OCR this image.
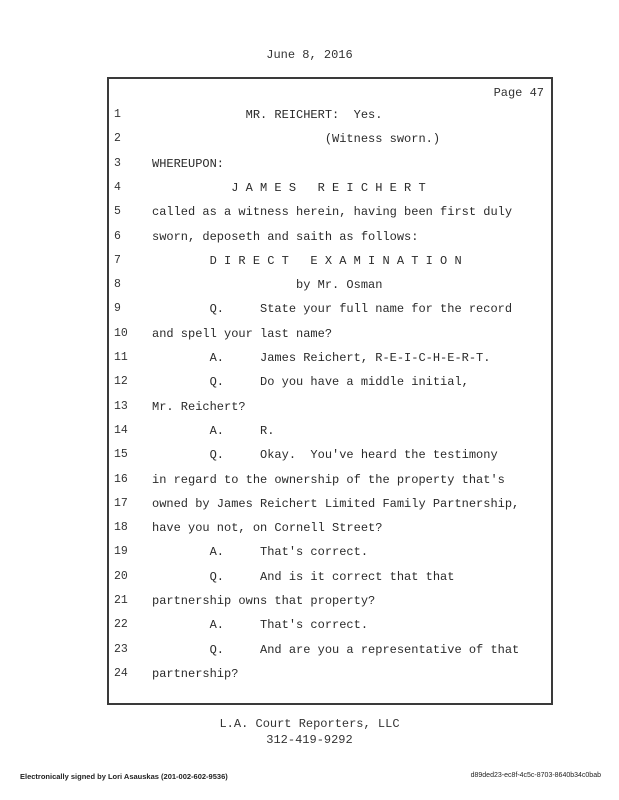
June 8, 2016
Page 47
1	MR. REICHERT:  Yes.
2	(Witness sworn.)
3	WHEREUPON:
4	J A M E S   R E I C H E R T
5	called as a witness herein, having been first duly
6	sworn, deposeth and saith as follows:
7	D I R E C T   E X A M I N A T I O N
8	by Mr. Osman
9	Q.     State your full name for the record
10	and spell your last name?
11	A.     James Reichert, R-E-I-C-H-E-R-T.
12	Q.     Do you have a middle initial,
13	Mr. Reichert?
14	A.     R.
15	Q.     Okay.  You've heard the testimony
16	in regard to the ownership of the property that's
17	owned by James Reichert Limited Family Partnership,
18	have you not, on Cornell Street?
19	A.     That's correct.
20	Q.     And is it correct that that
21	partnership owns that property?
22	A.     That's correct.
23	Q.     And are you a representative of that
24	partnership?
L.A. Court Reporters, LLC
312-419-9292
Electronically signed by Lori Asauskas (201-002-602-9536)	d89ded23-ec8f-4c5c-8703-8640b34c0bab
